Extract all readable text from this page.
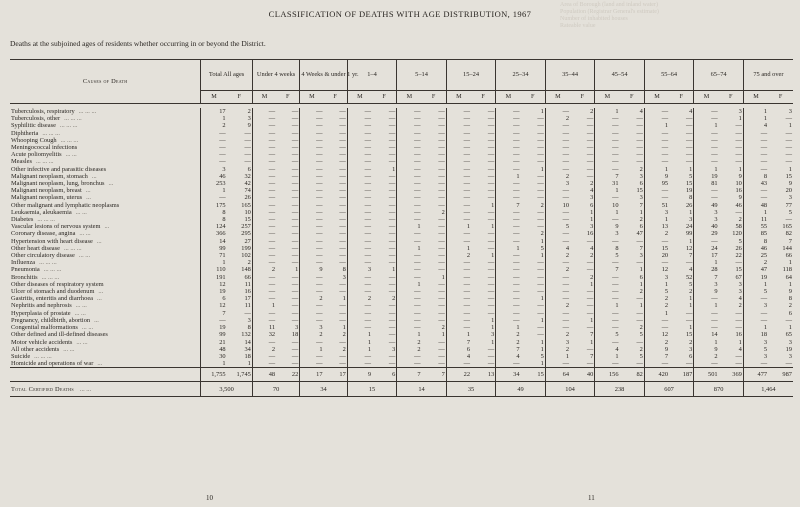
Area of Borough (land and inland water)
Population (Registrar General's estimate)
Number of inhabited houses
Rateable value
CLASSIFICATION OF DEATHS WITH AGE DISTRIBUTION, 1967
Deaths at the subjoined ages of residents whether occurring in or beyond the District.
Causes of Death	Total All ages		Under 4 weeks		4 Weeks & under 1 yr.		1–4		5–14		15–24		25–34		35–44		45–54		55–64		65–74		75 and over	
	M	F	M	F	M	F	M	F	M	F	M	F	M	F	M	F	M	F	M	F	M	F	M	F

Tuberculosis, respiratory ... ... ...	17	2	—	—	—	—	—	—	—	—	—	—	—	1	—	2	1	4	—	4	—	3	1	3
Tuberculosis, other ... ... ...	1	3	—	—	—	—	—	—	—	—	—	—	—	—	2	—	—	—	—	—	—	1	1	—
Syphilitic disease ... ... ...	2	9	—	—	—	—	—	—	—	—	—	—	—	—	—	—	—	—	1	—	1	—	4	1
Diphtheria ... ... ...	—	—	—	—	—	—	—	—	—	—	—	—	—	—	—	—	—	—	—	—	—	—	—	—
Whooping Cough ... ... ...	—	—	—	—	—	—	—	—	—	—	—	—	—	—	—	—	—	—	—	—	—	—	—	—
Meningococcal infections	—	—	—	—	—	—	—	—	—	—	—	—	—	—	—	—	—	—	—	—	—	—	—	—
Acute poliomyelitis ... ...	—	—	—	—	—	—	—	—	—	—	—	—	—	—	—	—	—	—	—	—	—	—	—	—
Measles ... ... ...	—	—	—	—	—	—	—	—	—	—	—	—	—	—	—	—	—	—	—	—	—	—	—	—
Other infective and parasitic diseases	3	6	—	—	—	—	—	1	—	—	—	—	—	1	—	—	—	2	1	1	1	1	—	1
Malignant neoplasm, stomach ...	46	32	—	—	—	—	—	—	—	—	—	—	1	—	2	—	7	3	9	5	19	9	8	15
Malignant neoplasm, lung, bronchus ...	253	42	—	—	—	—	—	—	—	—	—	—	—	—	3	2	31	6	95	15	81	10	43	9
Malignant neoplasm, breast ...	1	74	—	—	—	—	—	—	—	—	—	—	—	—	—	4	1	15	—	19	—	16	—	20
Malignant neoplasm, uterus ...	—	26	—	—	—	—	—	—	—	—	—	—	—	—	—	3	—	3	—	8	—	9	—	3
Other malignant and lymphatic neoplasms	175	165	—	—	—	—	—	—	—	—	—	1	7	2	10	6	10	7	51	26	49	46	48	77
Leukaemia, aleukaemia ... ...	8	10	—	—	—	—	—	—	—	2	—	—	—	—	—	1	1	1	3	1	3	—	1	5
Diabetes ... ... ...	8	15	—	—	—	—	—	—	—	—	—	—	—	—	—	1	—	2	1	3	3	2	11	—
Vascular lesions of nervous system ...	124	257	—	—	—	—	—	—	1	—	1	1	—	—	5	3	9	6	13	24	40	58	55	165
Coronary disease, angina ... ...	366	295	—	—	—	—	—	—	—	—	—	—	—	2	—	16	3	47	2	99	29	120	85	82
Hypertension with heart disease ...	14	27	—	—	—	—	—	—	—	—	—	—	—	1	—	—	—	—	—	1	—	5	8	7
Other heart disease ... ... ...	99	199	—	—	—	—	—	—	1	—	1	—	1	5	4	4	8	7	15	12	24	26	46	144
Other circulatory disease ... ...	71	102	—	—	—	—	—	—	—	—	2	1	—	1	2	2	5	3	20	7	17	22	25	66
Influenza ... ... ...	1	2	—	—	—	—	—	—	—	—	—	—	—	—	—	—	—	—	—	—	1	—	2	1
Pneumonia ... ... ...	110	148	2	1	9	8	3	1	—	—	—	—	—	—	2	—	7	1	12	4	28	15	47	118
Bronchitis ... ... ...	191	66	—	—	—	3	—	—	—	1	—	—	—	—	—	2	—	6	3	52	7	67	19	64
Other diseases of respiratory system	12	11	—	—	—	—	—	—	1	—	—	—	—	—	—	1	—	1	1	5	3	3	1	1
Ulcer of stomach and duodenum ...	19	16	—	—	—	—	—	—	—	—	—	—	—	—	—	—	—	2	5	2	9	3	5	9
Gastritis, enteritis and diarrhoea ...	6	17	—	—	2	1	2	2	—	—	—	—	—	1	—	—	—	—	2	1	—	4	—	8
Nephritis and nephrosis ... ...	12	11	1	—	—	—	—	—	—	—	—	—	—	—	2	—	1	1	2	1	1	2	3	2
Hyperplasia of prostate ... ...	7	—	—	—	—	—	—	—	—	—	—	—	—	—	—	—	—	—	1	—	—	—	—	6
Pregnancy, childbirth, abortion ...	—	3	—	—	—	—	—	—	—	—	—	1	—	1	—	1	—	—	—	—	—	—	—	—
Congenital malformations ... ...	19	8	11	3	3	1	—	—	—	2	—	1	1	—	—	—	—	2	—	1	—	—	1	1
Other defined and ill-defined diseases	99	132	32	18	2	2	1	—	1	1	1	3	2	—	2	7	5	5	12	15	14	16	18	65
Motor vehicle accidents ... ...	21	14	—	—	—	—	1	—	2	—	7	1	2	1	3	1	—	—	2	2	1	1	3	3
All other accidents ... ...	48	34	2	—	1	2	1	3	2	—	6	—	7	1	2	—	4	2	9	3	9	4	5	19
Suicide ... ... ...	30	18	—	—	—	—	—	—	—	—	4	—	4	5	1	7	1	5	7	6	2	—	3	3
Homicide and operations of war ...	1	1	—	—	—	—	—	—	—	—	—	—	—	1	—	—	—	—	—	—	—	—	—	—
	1,755	1,745	48	22	17	17	9	6	7	7	22	13	34	15	64	40	156	82	420	187	501	369	477	987
Total Certified Deaths ... ...	3,500		70		34		15		14		35		49		104		238		607		870		1,464	
10	11
